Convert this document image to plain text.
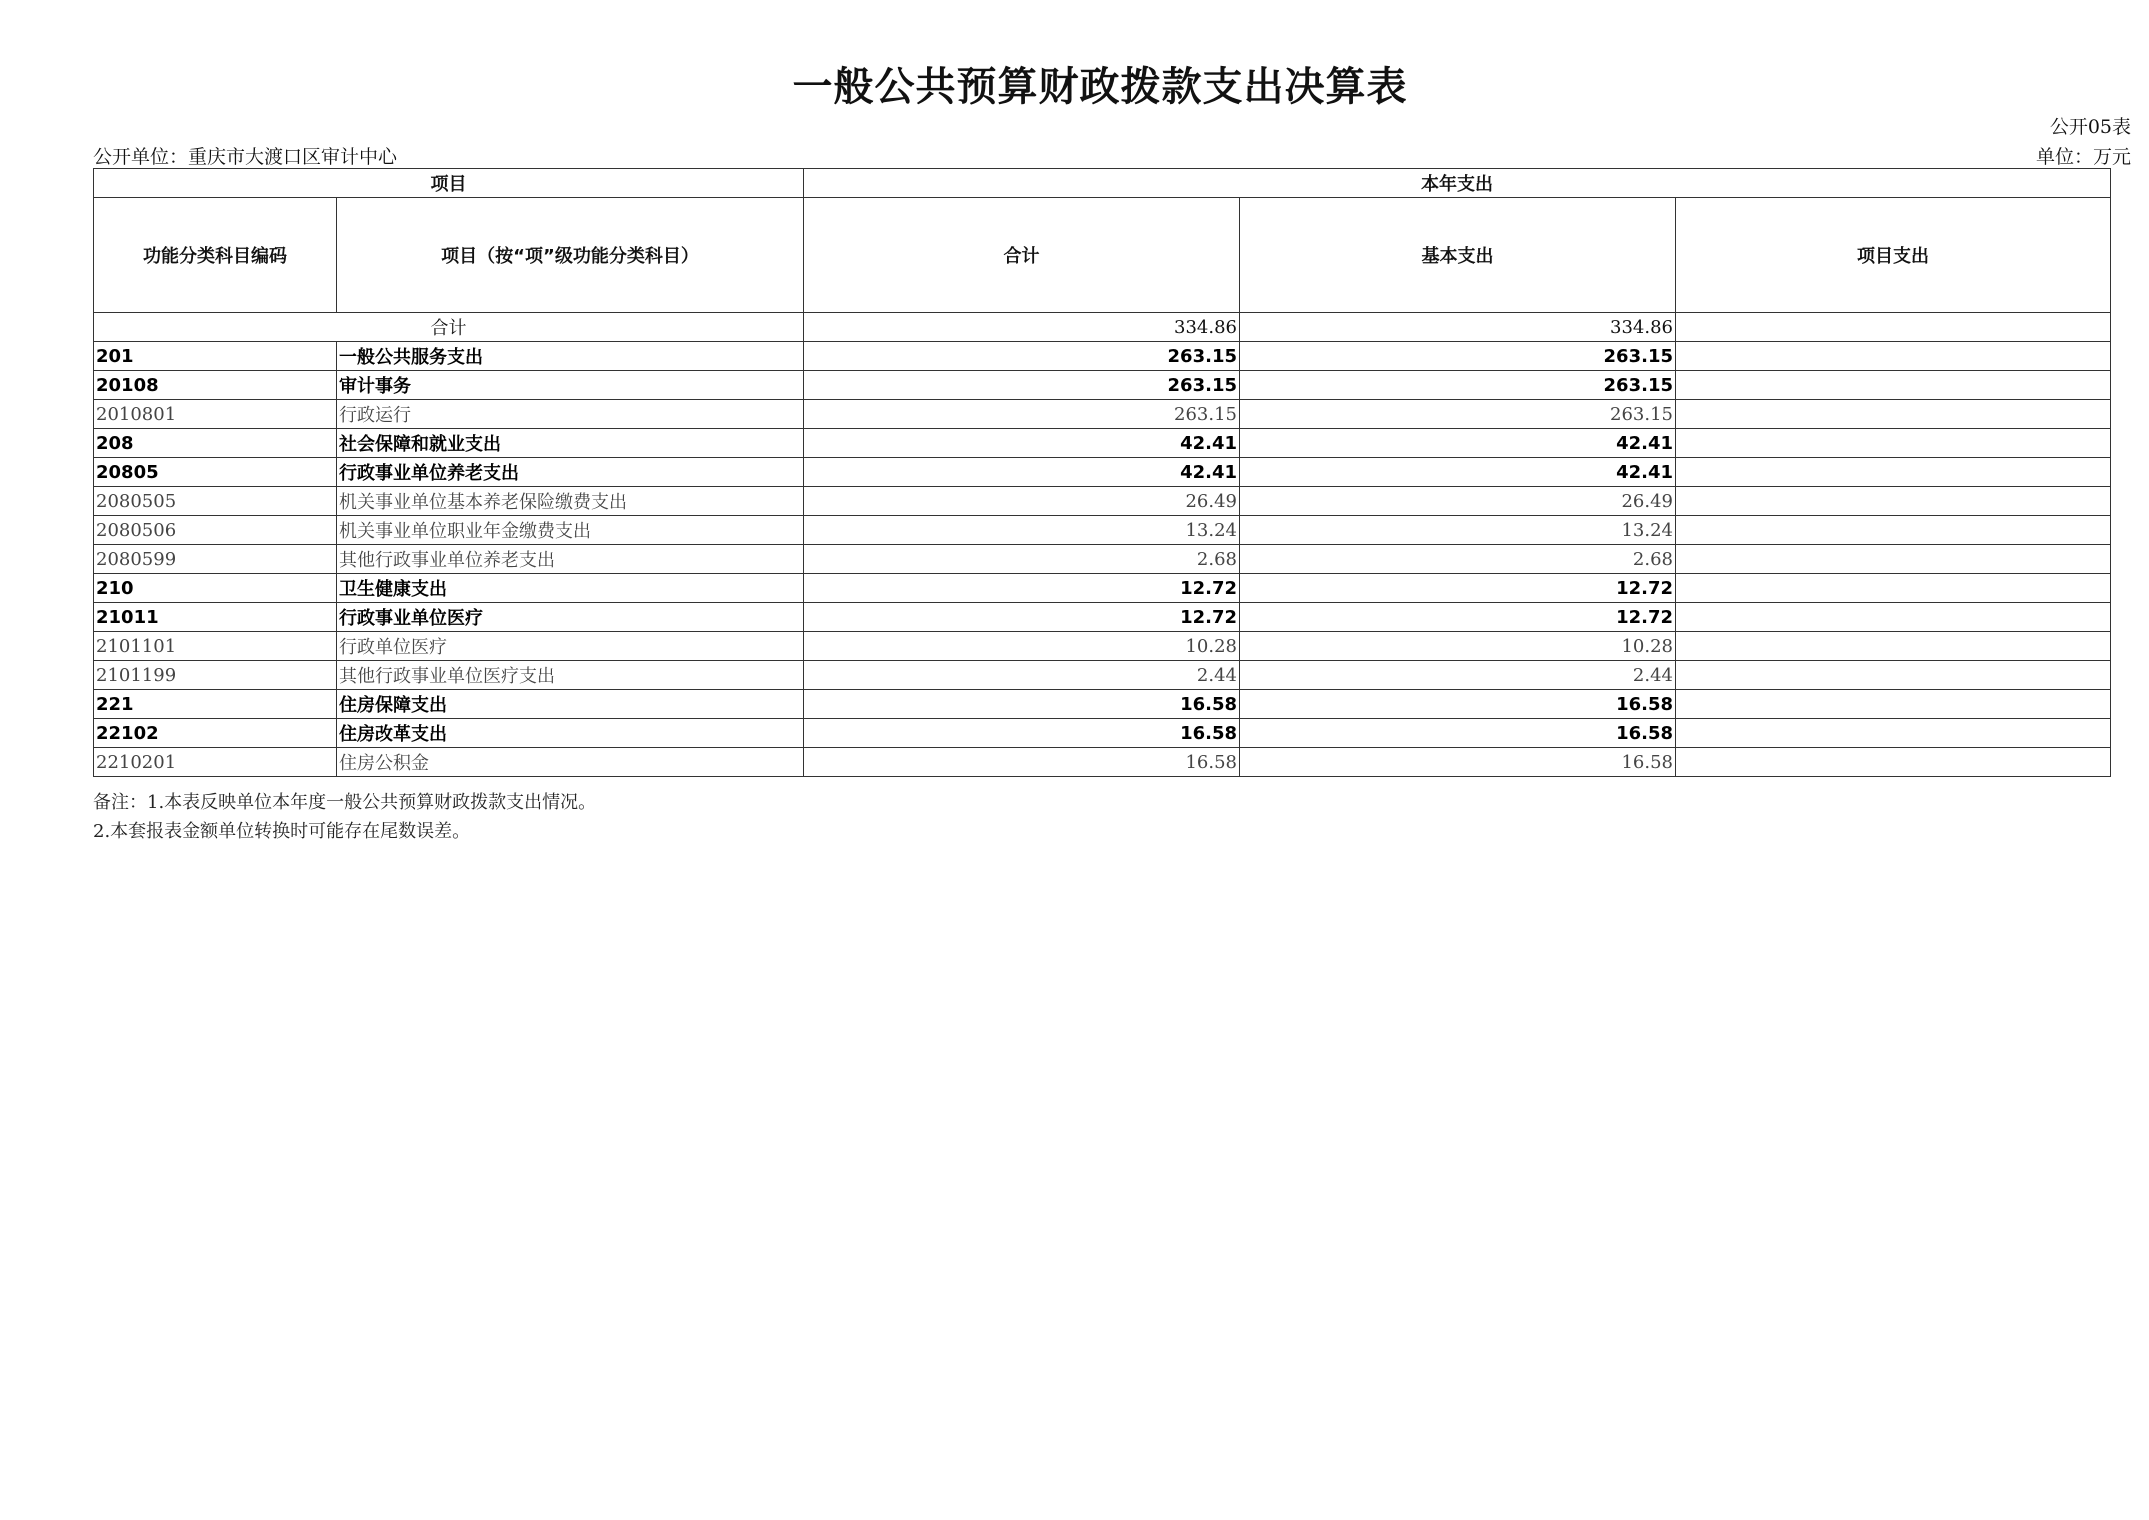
一般公共预算财政拨款支出决算表
公开05表
公开单位：重庆市大渡口区审计中心	单位：万元
项目		本年支出		
功能分类科目编码	项目（按“项”级功能分类科目）	合计	基本支出	项目支出
合计		334.86	334.86	
201	一般公共服务支出	263.15	263.15	
20108	审计事务	263.15	263.15	
2010801	行政运行	263.15	263.15	
208	社会保障和就业支出	42.41	42.41	
20805	行政事业单位养老支出	42.41	42.41	
2080505	机关事业单位基本养老保险缴费支出	26.49	26.49	
2080506	机关事业单位职业年金缴费支出	13.24	13.24	
2080599	其他行政事业单位养老支出	2.68	2.68	
210	卫生健康支出	12.72	12.72	
21011	行政事业单位医疗	12.72	12.72	
2101101	行政单位医疗	10.28	10.28	
2101199	其他行政事业单位医疗支出	2.44	2.44	
221	住房保障支出	16.58	16.58	
22102	住房改革支出	16.58	16.58	
2210201	住房公积金	16.58	16.58	
备注：1.本表反映单位本年度一般公共预算财政拨款支出情况。
2.本套报表金额单位转换时可能存在尾数误差。
